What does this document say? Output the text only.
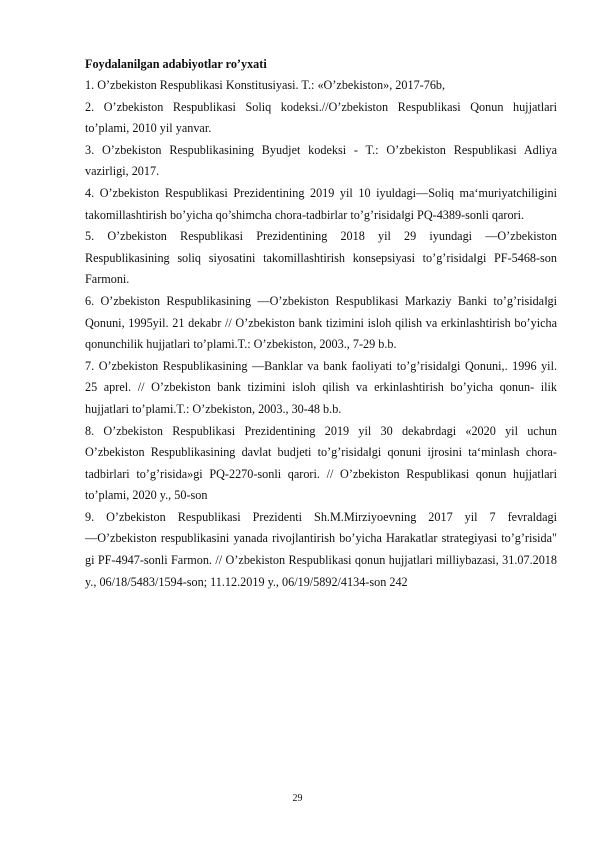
Foydalanilgan adabiyotlar ro’yxati

1. O’zbekiston Respublikasi Konstitusiyasi. T.: «O’zbekiston», 2017-76b,

2. O’zbekiston Respublikasi Soliq kodeksi.//O’zbekiston Respublikasi Qonun hujjatlari to’plami, 2010 yil yanvar.

3. O’zbekiston Respublikasining Byudjet kodeksi - T.: O’zbekiston Respublikasi Adliya vazirligi, 2017.

4. O’zbekiston Respublikasi Prezidentining 2019 yil 10 iyuldagi―Soliq ma‘muriyatchiligini takomillashtirish bo’yicha qo’shimcha chora-tadbirlar to’g’risida‖gi PQ-4389-sonli qarori.

5. O’zbekiston Respublikasi Prezidentining 2018 yil 29 iyundagi ―O’zbekiston Respublikasining soliq siyosatini takomillashtirish konsepsiyasi to’g’risida‖gi PF-5468-son Farmoni.

6. O’zbekiston Respublikasining ―O’zbekiston Respublikasi Markaziy Banki to’g’risida‖gi Qonuni, 1995yil. 21 dekabr // O’zbekiston bank tizimini isloh qilish va erkinlashtirish bo’yicha qonunchilik hujjatlari to’plami.T.: O’zbekiston, 2003., 7-29 b.b.

7. O’zbekiston Respublikasining ―Banklar va bank faoliyati to’g’risida‖gi Qonuni,. 1996 yil. 25 aprel. // O’zbekiston bank tizimini isloh qilish va erkinlashtirish bo’yicha qonun- ilik hujjatlari to’plami.T.: O’zbekiston, 2003., 30-48 b.b.

8. O’zbekiston Respublikasi Prezidentining 2019 yil 30 dekabrdagi «2020 yil uchun O’zbekiston Respublikasining davlat budjeti to’g’risida‖gi qonuni ijrosini ta‘minlash chora-tadbirlari to’g’risida»gi PQ-2270-sonli qarori. // O’zbekiston Respublikasi qonun hujjatlari to’plami, 2020 y., 50-son

9. O’zbekiston Respublikasi Prezidenti Sh.M.Mirziyoevning 2017 yil 7 fevraldagi ―O’zbekiston respublikasini yanada rivojlantirish bo’yicha Harakatlar strategiyasi to’g’risida" gi PF-4947-sonli Farmon. // O’zbekiston Respublikasi qonun hujjatlari milliybazasi, 31.07.2018 y., 06/18/5483/1594-son; 11.12.2019 y., 06/19/5892/4134-son 242

29
